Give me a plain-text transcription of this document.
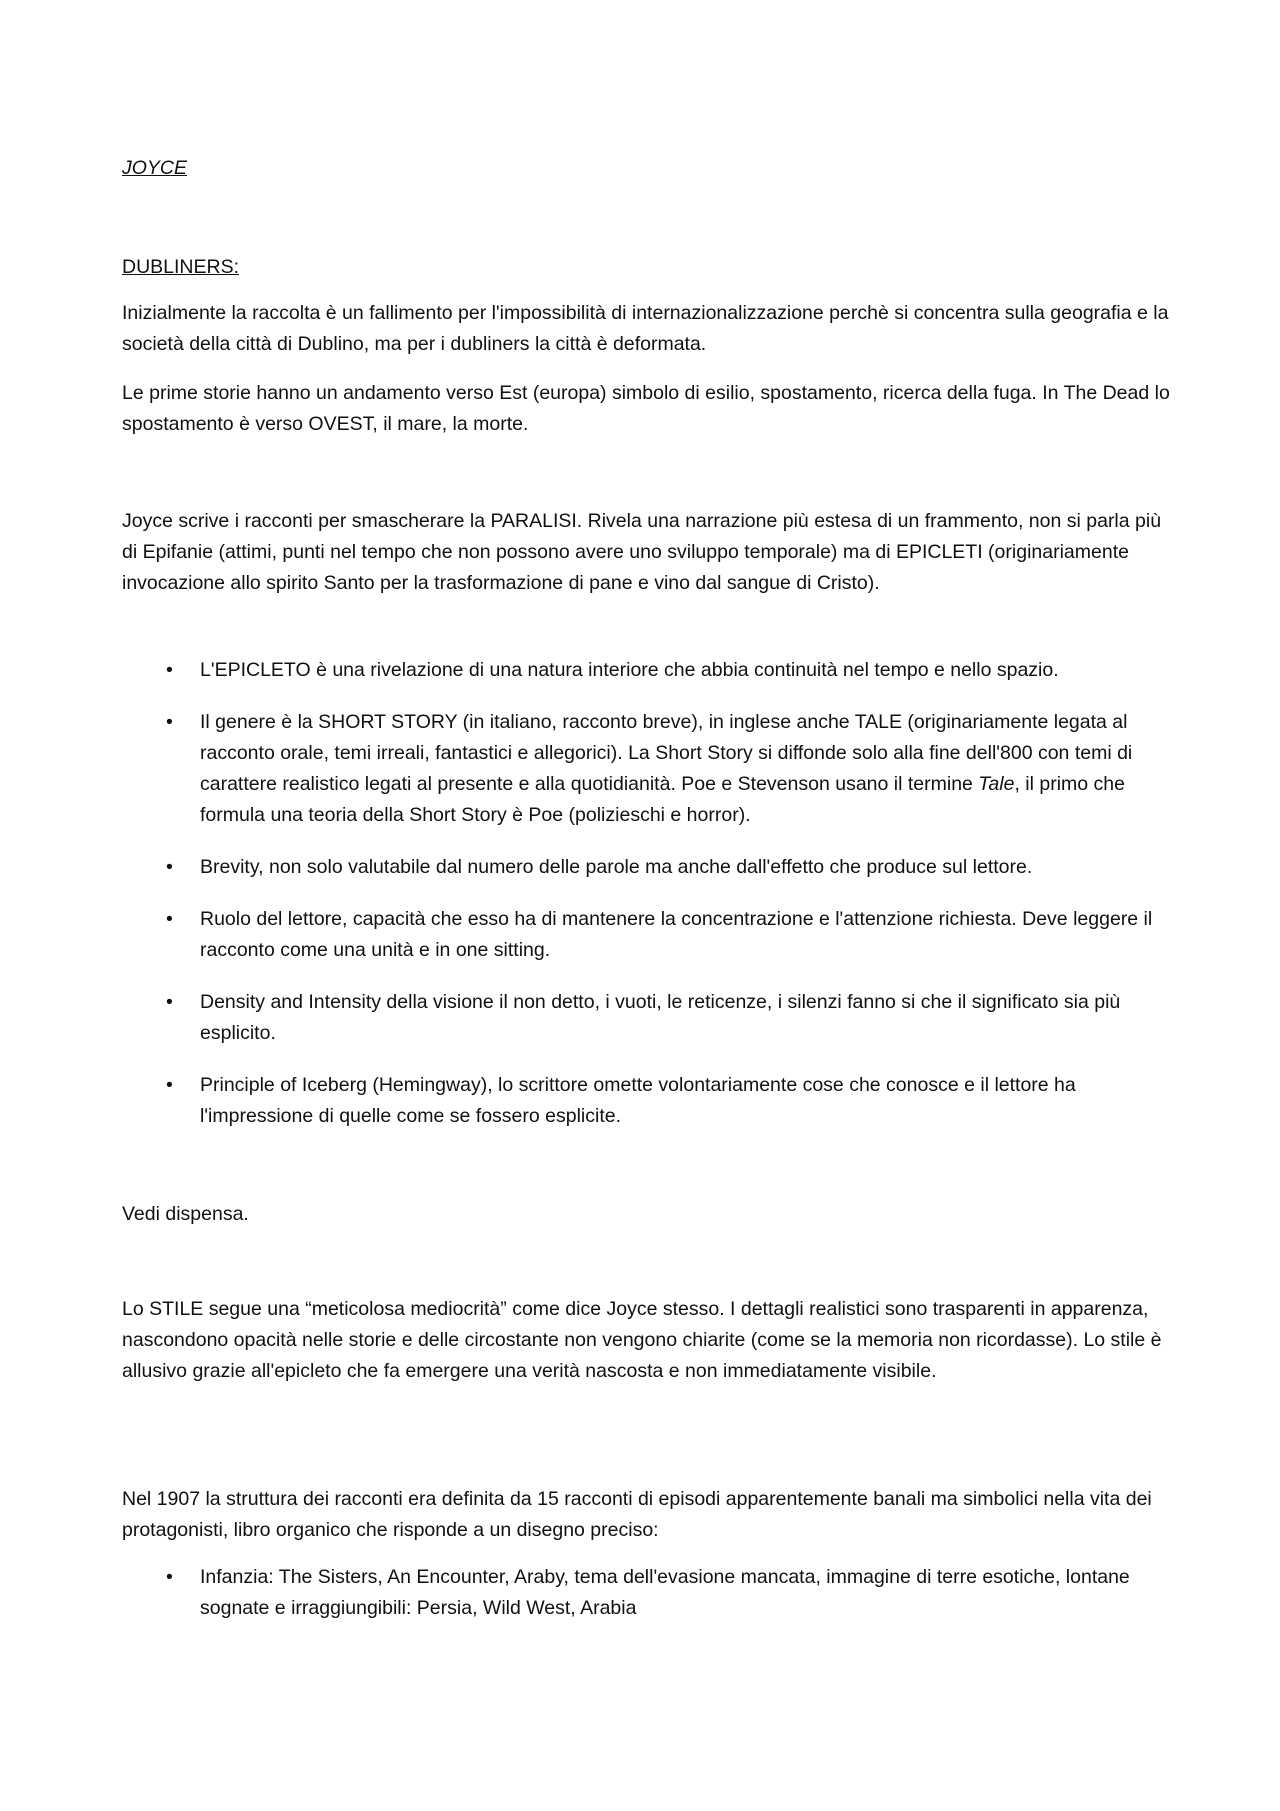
JOYCE
DUBLINERS:

Inizialmente la raccolta è un fallimento per l'impossibilità di internazionalizzazione perchè si concentra sulla geografia e la società della città di Dublino, ma per i dubliners la città è deformata.

Le prime storie hanno un andamento verso Est (europa) simbolo di esilio, spostamento, ricerca della fuga. In The Dead lo spostamento è verso OVEST, il mare, la morte.

Joyce scrive i racconti per smascherare la PARALISI. Rivela una narrazione più estesa di un frammento, non si parla più di Epifanie (attimi, punti nel tempo che non possono avere uno sviluppo temporale) ma di EPICLETI (originariamente invocazione allo spirito Santo per la trasformazione di pane e vino dal sangue di Cristo).

• L'EPICLETO è una rivelazione di una natura interiore che abbia continuità nel tempo e nello spazio.
• Il genere è la SHORT STORY (in italiano, racconto breve), in inglese anche TALE (originariamente legata al racconto orale, temi irreali, fantastici e allegorici). La Short Story si diffonde solo alla fine dell'800 con temi di carattere realistico legati al presente e alla quotidianità. Poe e Stevenson usano il termine Tale, il primo che formula una teoria della Short Story è Poe (polizieschi e horror).
• Brevity, non solo valutabile dal numero delle parole ma anche dall'effetto che produce sul lettore.
• Ruolo del lettore, capacità che esso ha di mantenere la concentrazione e l'attenzione richiesta. Deve leggere il racconto come una unità e in one sitting.
• Density and Intensity della visione il non detto, i vuoti, le reticenze, i silenzi fanno si che il significato sia più esplicito.
• Principle of Iceberg (Hemingway), lo scrittore omette volontariamente cose che conosce e il lettore ha l'impressione di quelle come se fossero esplicite.

Vedi dispensa.

Lo STILE segue una “meticolosa mediocrità” come dice Joyce stesso. I dettagli realistici sono trasparenti in apparenza, nascondono opacità nelle storie e delle circostante non vengono chiarite (come se la memoria non ricordasse). Lo stile è allusivo grazie all'epicleto che fa emergere una verità nascosta e non immediatamente visibile.

Nel 1907 la struttura dei racconti era definita da 15 racconti di episodi apparentemente banali ma simbolici nella vita dei protagonisti, libro organico che risponde a un disegno preciso:

• Infanzia: The Sisters, An Encounter, Araby, tema dell'evasione mancata, immagine di terre esotiche, lontane sognate e irraggiungibili: Persia, Wild West, Arabia
